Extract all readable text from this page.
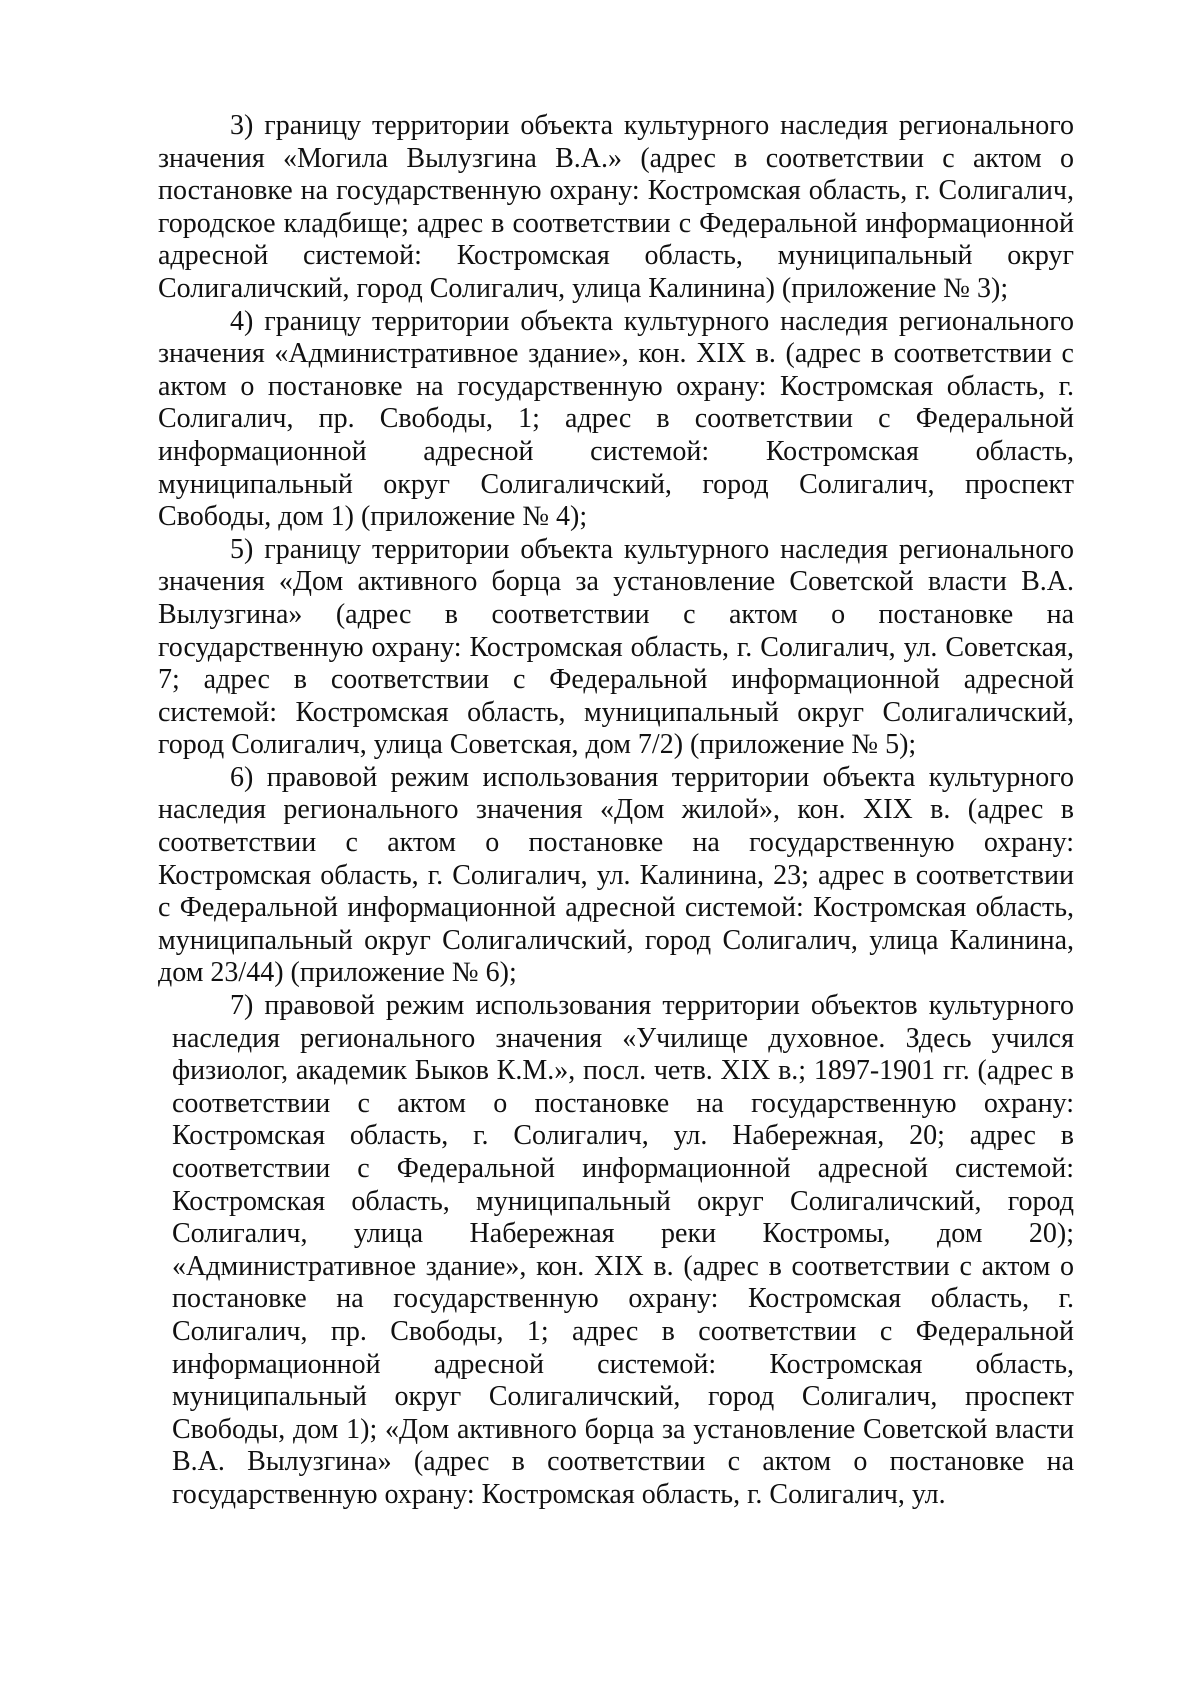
3) границу территории объекта культурного наследия регионального значения «Могила Вылузгина В.А.» (адрес в соответствии с актом о постановке на государственную охрану: Костромская область, г. Солигалич, городское кладбище; адрес в соответствии с Федеральной информационной адресной системой: Костромская область, муниципальный округ Солигаличский, город Солигалич, улица Калинина) (приложение № 3);

4) границу территории объекта культурного наследия регионального значения «Административное здание», кон. XIX в. (адрес в соответствии с актом о постановке на государственную охрану: Костромская область, г. Солигалич, пр. Свободы, 1; адрес в соответствии с Федеральной информационной адресной системой: Костромская область, муниципальный округ Солигаличский, город Солигалич, проспект Свободы, дом 1) (приложение № 4);

5) границу территории объекта культурного наследия регионального значения «Дом активного борца за установление Советской власти В.А. Вылузгина» (адрес в соответствии с актом о постановке на государственную охрану: Костромская область, г. Солигалич, ул. Советская, 7; адрес в соответствии с Федеральной информационной адресной системой: Костромская область, муниципальный округ Солигаличский, город Солигалич, улица Советская, дом 7/2) (приложение № 5);

6) правовой режим использования территории объекта культурного наследия регионального значения «Дом жилой», кон. XIX в. (адрес в соответствии с актом о постановке на государственную охрану: Костромская область, г. Солигалич, ул. Калинина, 23; адрес в соответствии с Федеральной информационной адресной системой: Костромская область, муниципальный округ Солигаличский, город Солигалич, улица Калинина, дом 23/44) (приложение № 6);

7) правовой режим использования территории объектов культурного наследия регионального значения «Училище духовное. Здесь учился физиолог, академик Быков К.М.», посл. четв. XIX в.; 1897-1901 гг. (адрес в соответствии с актом о постановке на государственную охрану: Костромская область, г. Солигалич, ул. Набережная, 20; адрес в соответствии с Федеральной информационной адресной системой: Костромская область, муниципальный округ Солигаличский, город Солигалич, улица Набережная реки Костромы, дом 20); «Административное здание», кон. XIX в. (адрес в соответствии с актом о постановке на государственную охрану: Костромская область, г. Солигалич, пр. Свободы, 1; адрес в соответствии с Федеральной информационной адресной системой: Костромская область, муниципальный округ Солигаличский, город Солигалич, проспект Свободы, дом 1); «Дом активного борца за установление Советской власти В.А. Вылузгина» (адрес в соответствии с актом о постановке на государственную охрану: Костромская область, г. Солигалич, ул.
